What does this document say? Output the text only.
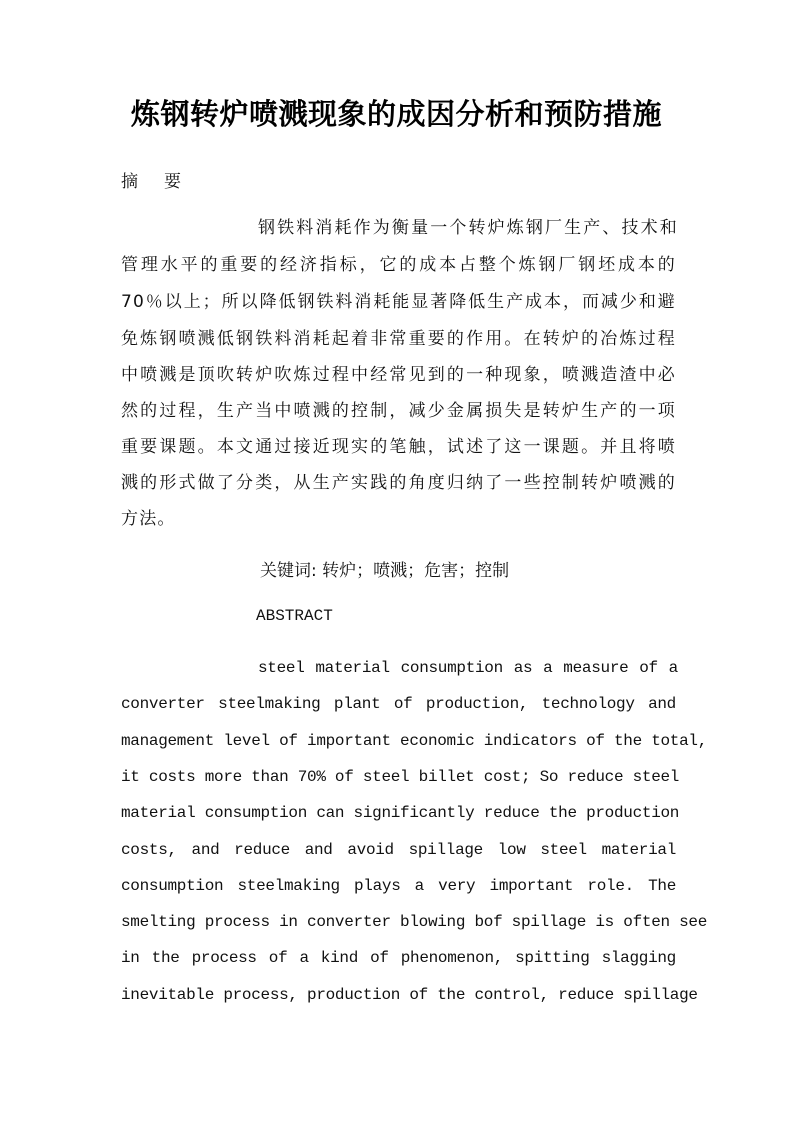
炼钢转炉喷溅现象的成因分析和预防措施
摘要
钢铁料消耗作为衡量一个转炉炼钢厂生产、技术和
管理水平的重要的经济指标，它的成本占整个炼钢厂钢坯成本的
70％以上；所以降低钢铁料消耗能显著降低生产成本，而减少和避
免炼钢喷溅低钢铁料消耗起着非常重要的作用。在转炉的冶炼过程
中喷溅是顶吹转炉吹炼过程中经常见到的一种现象，喷溅造渣中必
然的过程，生产当中喷溅的控制，减少金属损失是转炉生产的一项
重要课题。本文通过接近现实的笔触，试述了这一课题。并且将喷
溅的形式做了分类，从生产实践的角度归纳了一些控制转炉喷溅的
方法。
关键词: 转炉；喷溅；危害；控制
ABSTRACT
steel material consumption as a measure of a
converter steelmaking plant of production, technology and
management level of important economic indicators of the total,
it costs more than 70% of steel billet cost; So reduce steel
material consumption can significantly reduce the production
costs, and reduce and avoid spillage low steel material
consumption steelmaking plays a very important role. The
smelting process in converter blowing bof spillage is often see
in the process of a kind of phenomenon, spitting slagging
inevitable process, production of the control, reduce spillage
